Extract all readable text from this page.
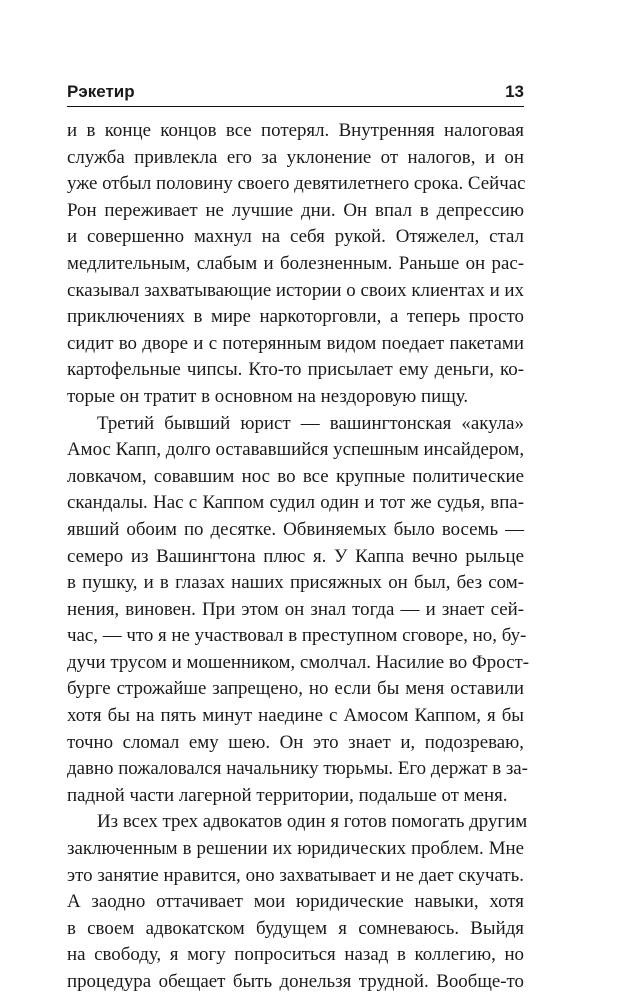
Рэкетир	13
и в конце концов все потерял. Внутренняя налоговая
служба привлекла его за уклонение от налогов, и он
уже отбыл половину своего девятилетнего срока. Сейчас
Рон переживает не лучшие дни. Он впал в депрессию
и совершенно махнул на себя рукой. Отяжелел, стал
медлительным, слабым и болезненным. Раньше он рас-
сказывал захватывающие истории о своих клиентах и их
приключениях в мире наркоторговли, а теперь просто
сидит во дворе и с потерянным видом поедает пакетами
картофельные чипсы. Кто-то присылает ему деньги, ко-
торые он тратит в основном на нездоровую пищу.
Третий бывший юрист — вашингтонская «акула»
Амос Капп, долго остававшийся успешным инсайдером,
ловкачом, совавшим нос во все крупные политические
скандалы. Нас с Каппом судил один и тот же судья, впа-
явший обоим по десятке. Обвиняемых было восемь —
семеро из Вашингтона плюс я. У Каппа вечно рыльце
в пушку, и в глазах наших присяжных он был, без сом-
нения, виновен. При этом он знал тогда — и знает сей-
час, — что я не участвовал в преступном сговоре, но, бу-
дучи трусом и мошенником, смолчал. Насилие во Фрост-
бурге строжайше запрещено, но если бы меня оставили
хотя бы на пять минут наедине с Амосом Каппом, я бы
точно сломал ему шею. Он это знает и, подозреваю,
давно пожаловался начальнику тюрьмы. Его держат в за-
падной части лагерной территории, подальше от меня.
Из всех трех адвокатов один я готов помогать другим
заключенным в решении их юридических проблем. Мне
это занятие нравится, оно захватывает и не дает скучать.
А заодно оттачивает мои юридические навыки, хотя
в своем адвокатском будущем я сомневаюсь. Выйдя
на свободу, я могу попроситься назад в коллегию, но
процедура обещает быть донельзя трудной. Вообще-то
